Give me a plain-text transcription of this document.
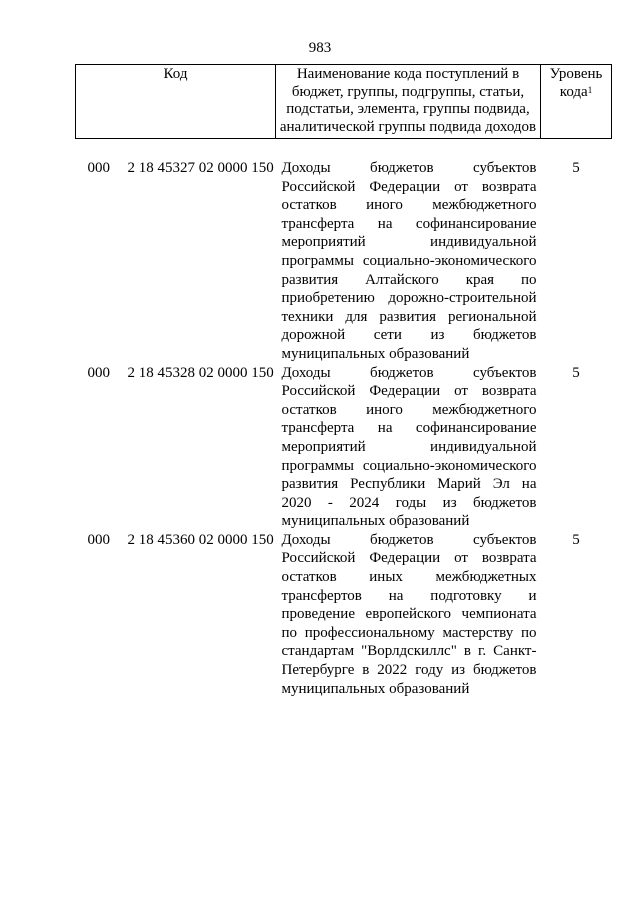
983
Код	Наименование кода поступлений в бюджет, группы, подгруппы, статьи, подстатьи, элемента, группы подвида, аналитической группы подвида доходов	Уровень кода$^1$

000 2 18 45327 02 0000 150	Доходы бюджетов субъектов Российской Федерации от возврата остатков иного межбюджетного трансферта на софинансирование мероприятий индивидуальной программы социально-экономического развития Алтайского края по приобретению дорожно-строительной техники для развития региональной дорожной сети из бюджетов муниципальных образований	5
000 2 18 45328 02 0000 150	Доходы бюджетов субъектов Российской Федерации от возврата остатков иного межбюджетного трансферта на софинансирование мероприятий индивидуальной программы социально-экономического развития Республики Марий Эл на 2020 - 2024 годы из бюджетов муниципальных образований	5
000 2 18 45360 02 0000 150	Доходы бюджетов субъектов Российской Федерации от возврата остатков иных межбюджетных трансфертов на подготовку и проведение европейского чемпионата по профессиональному мастерству по стандартам "Ворлдскиллс" в г. Санкт-Петербурге в 2022 году из бюджетов муниципальных образований	5
